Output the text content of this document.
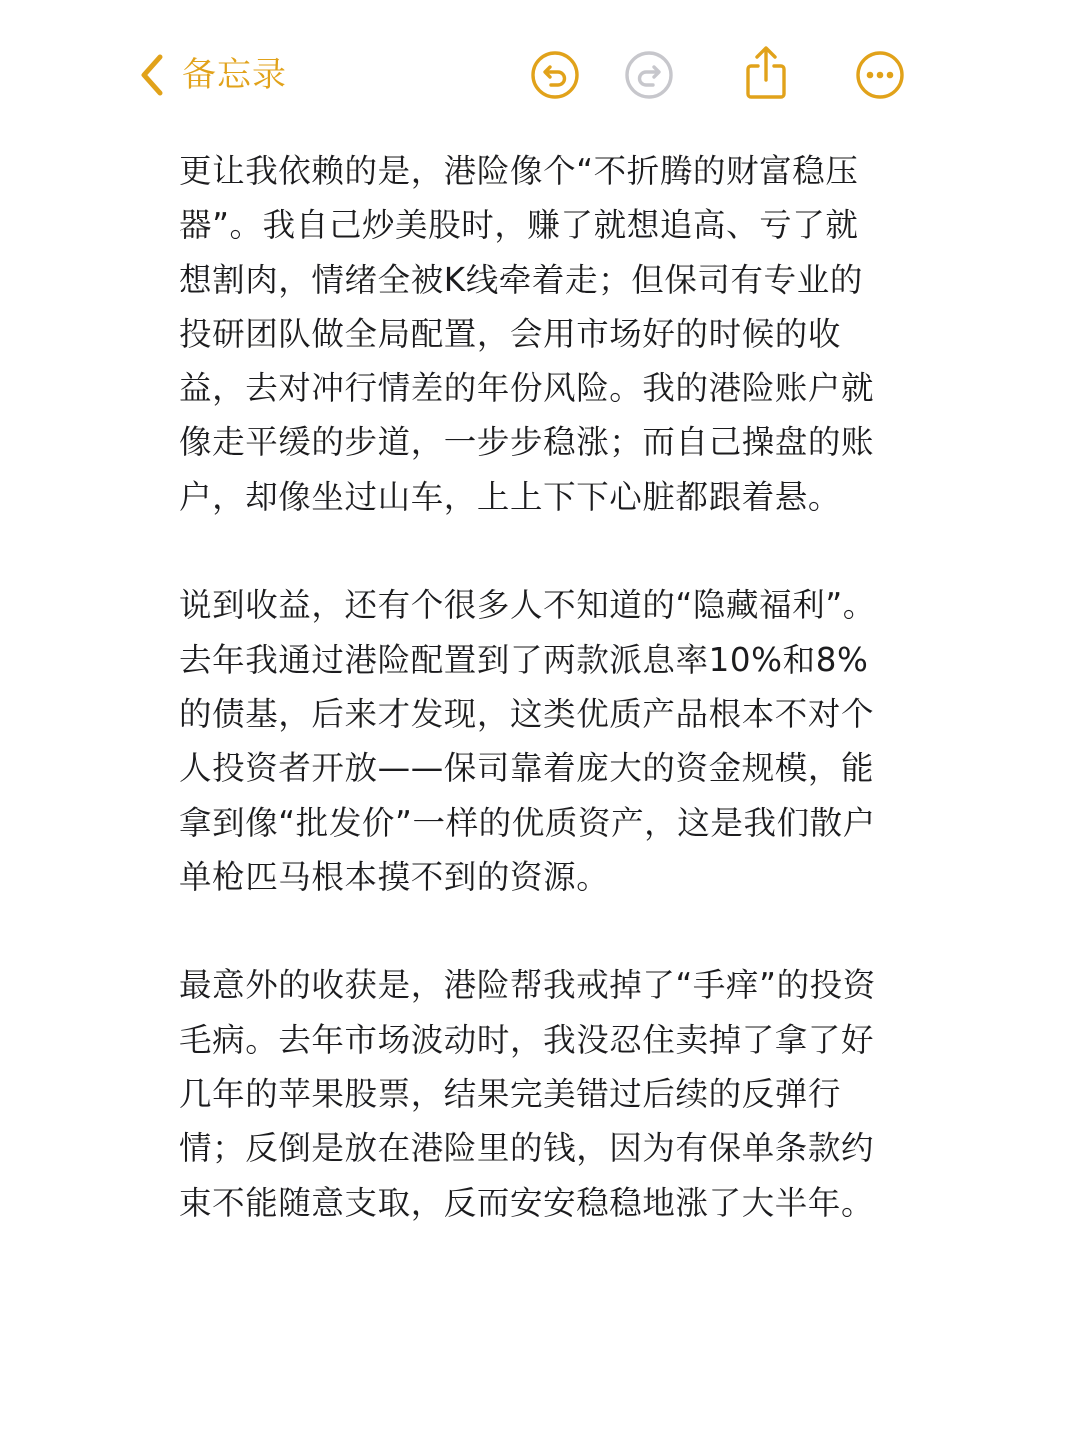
备忘录

更让我依赖的是，港险像个“不折腾的财富稳压器”。我自己炒美股时，赚了就想追高、亏了就想割肉，情绪全被K线牵着走；但保司有专业的投研团队做全局配置，会用市场好的时候的收益，去对冲行情差的年份风险。我的港险账户就像走平缓的步道，一步步稳涨；而自己操盘的账户，却像坐过山车，上上下下心脏都跟着悬。

说到收益，还有个很多人不知道的“隐藏福利”。去年我通过港险配置到了两款派息率10%和8%的债基，后来才发现，这类优质产品根本不对个人投资者开放——保司靠着庞大的资金规模，能拿到像“批发价”一样的优质资产，这是我们散户单枪匹马根本摸不到的资源。

最意外的收获是，港险帮我戒掉了“手痒”的投资毛病。去年市场波动时，我没忍住卖掉了拿了好几年的苹果股票，结果完美错过后续的反弹行情；反倒是放在港险里的钱，因为有保单条款约束不能随意支取，反而安安稳稳地涨了大半年。
